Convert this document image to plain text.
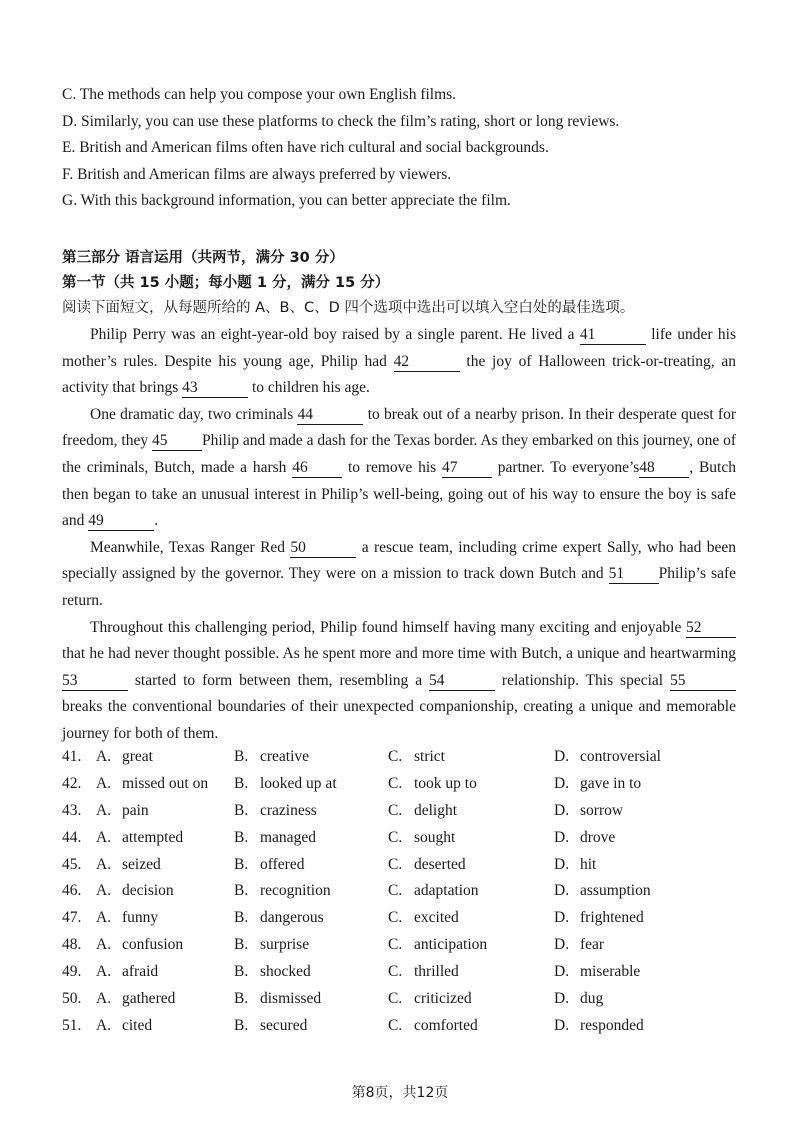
C. The methods can help you compose your own English films.
D. Similarly, you can use these platforms to check the film’s rating, short or long reviews.
E. British and American films often have rich cultural and social backgrounds.
F. British and American films are always preferred by viewers.
G. With this background information, you can better appreciate the film.
第三部分 语言运用（共两节，满分 30 分）
第一节（共 15 小题；每小题 1 分，满分 15 分）
阅读下面短文，从每题所给的 A、B、C、D 四个选项中选出可以填入空白处的最佳选项。

Philip Perry was an eight-year-old boy raised by a single parent. He lived a 41	life under his mother’s rules. Despite his young age, Philip had 42	the joy of Halloween trick-or-treating, an activity that brings 43	to children his age.

One dramatic day, two criminals 44	to break out of a nearby prison. In their desperate quest for freedom, they 45 Philip and made a dash for the Texas border. As they embarked on this journey, one of the criminals, Butch, made a harsh 46 to remove his 47 partner. To everyone’s48 , Butch then began to take an unusual interest in Philip’s well-being, going out of his way to ensure the boy is safe and 49	.

Meanwhile, Texas Ranger Red 50	a rescue team, including crime expert Sally, who had been specially assigned by the governor. They were on a mission to track down Butch and 51 Philip’s safe return.

Throughout this challenging period, Philip found himself having many exciting and enjoyable 52 that he had never thought possible. As he spent more and more time with Butch, a unique and heartwarming 53	started to form between them, resembling a 54	relationship. This special 55 breaks the conventional boundaries of their unexpected companionship, creating a unique and memorable journey for both of them.

41. A. great	B. creative	C. strict	D. controversial
42. A. missed out on B. looked up at	C. took up to	D. gave in to
43. A. pain	B. craziness	C. delight	D. sorrow
44. A. attempted	B. managed	C. sought	D. drove
45. A. seized	B. offered	C. deserted	D. hit
46. A. decision	B. recognition	C. adaptation	D. assumption
47. A. funny	B. dangerous	C. excited	D. frightened
48. A. confusion	B. surprise	C. anticipation	D. fear
49. A. afraid	B. shocked	C. thrilled	D. miserable
50. A. gathered	B. dismissed	C. criticized	D. dug
51. A. cited	B. secured	C. comforted	D. responded
第8页，共12页
